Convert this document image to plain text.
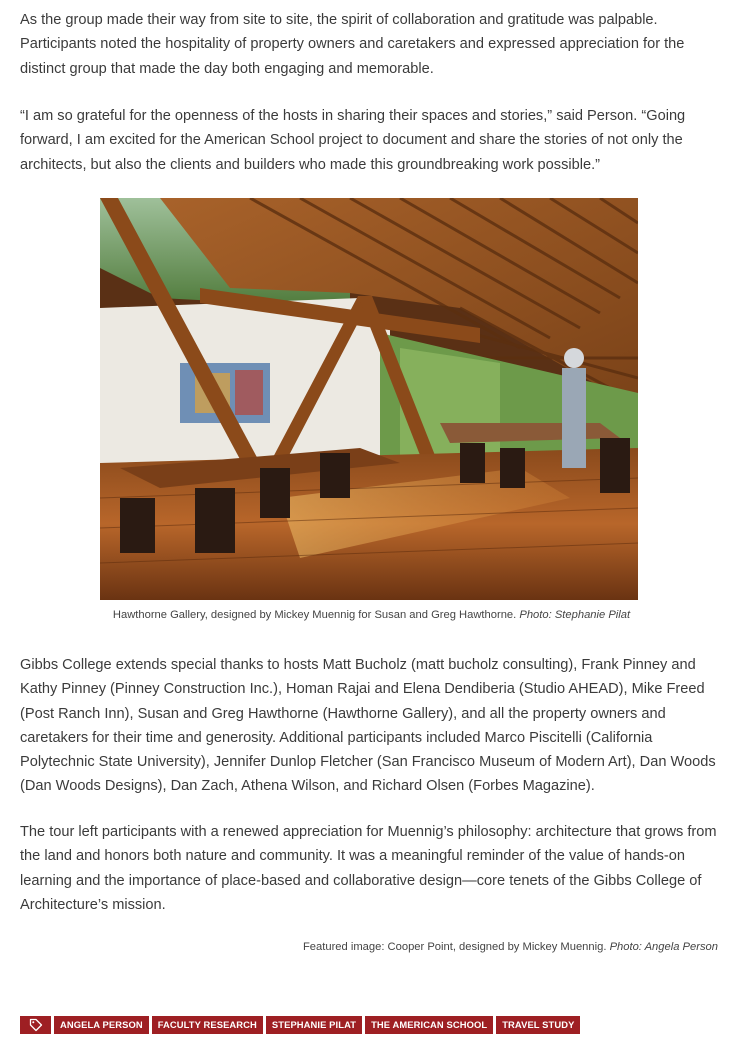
As the group made their way from site to site, the spirit of collaboration and gratitude was palpable. Participants noted the hospitality of property owners and caretakers and expressed appreciation for the distinct group that made the day both engaging and memorable.

“I am so grateful for the openness of the hosts in sharing their spaces and stories,” said Person. “Going forward, I am excited for the American School project to document and share the stories of not only the architects, but also the clients and builders who made this groundbreaking work possible.”

Gibbs College extends special thanks to hosts Matt Bucholz (matt bucholz consulting), Frank Pinney and Kathy Pinney (Pinney Construction Inc.), Homan Rajai and Elena Dendiberia (Studio AHEAD), Mike Freed (Post Ranch Inn), Susan and Greg Hawthorne (Hawthorne Gallery), and all the property owners and caretakers for their time and generosity. Additional participants included Marco Piscitelli (California Polytechnic State University), Jennifer Dunlop Fletcher (San Francisco Museum of Modern Art), Dan Woods (Dan Woods Designs), Dan Zach, Athena Wilson, and Richard Olsen (Forbes Magazine).

The tour left participants with a renewed appreciation for Muennig’s philosophy: architecture that grows from the land and honors both nature and community. It was a meaningful reminder of the value of hands-on learning and the importance of place-based and collaborative design—core tenets of the Gibbs College of Architecture’s mission.

Hawthorne Gallery, designed by Mickey Muennig for Susan and Greg Hawthorne. Photo: Stephanie Pilat
Featured image: Cooper Point, designed by Mickey Muennig. Photo: Angela Person
ANGELA PERSON	FACULTY RESEARCH	STEPHANIE PILAT	THE AMERICAN SCHOOL	TRAVEL STUDY
